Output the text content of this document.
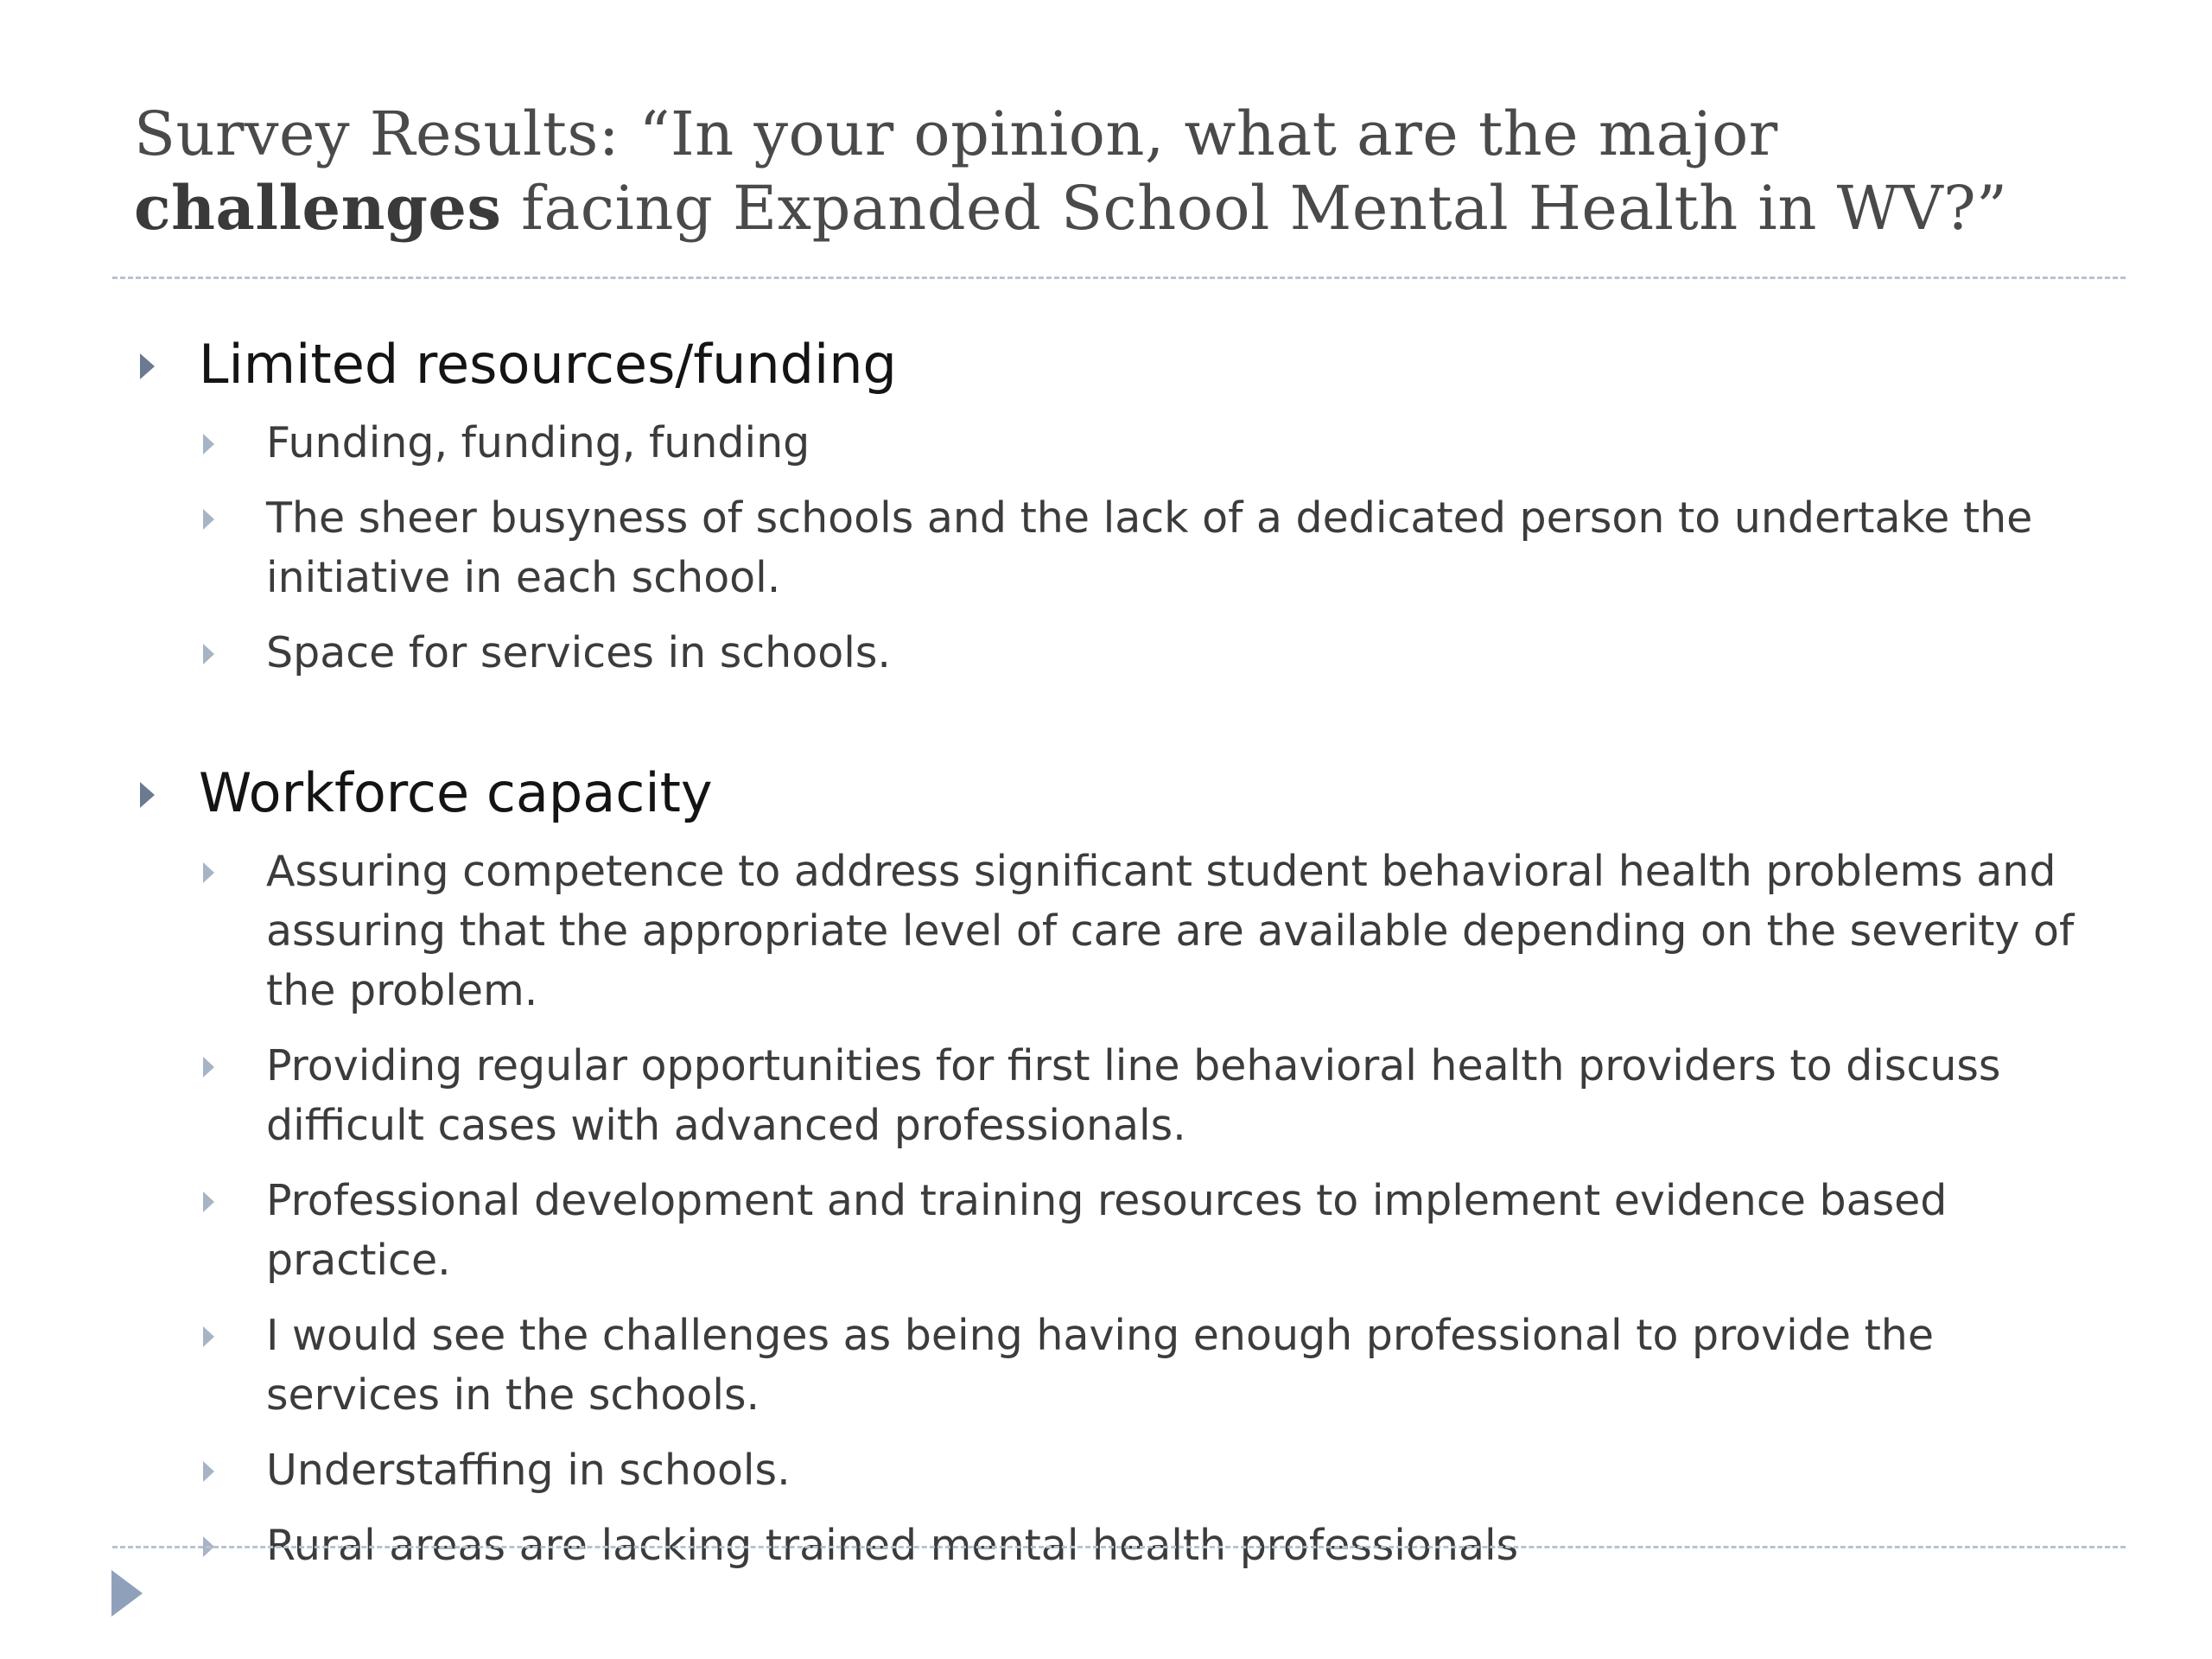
Survey Results: “In your opinion, what are the major challenges facing Expanded School Mental Health in WV?”
Limited resources/funding
Funding, funding, funding
The sheer busyness of schools and the lack of a dedicated person to undertake the initiative in each school.
Space for services in schools.
Workforce capacity
Assuring competence to address significant student behavioral health problems and assuring that the appropriate level of care are available depending on the severity of the problem.
Providing regular opportunities for first line behavioral health providers to discuss difficult cases with advanced professionals.
Professional development and training resources to implement evidence based practice.
I would see the challenges as being having enough professional to provide the services in the schools.
Understaffing in schools.
Rural areas are lacking trained mental health professionals
